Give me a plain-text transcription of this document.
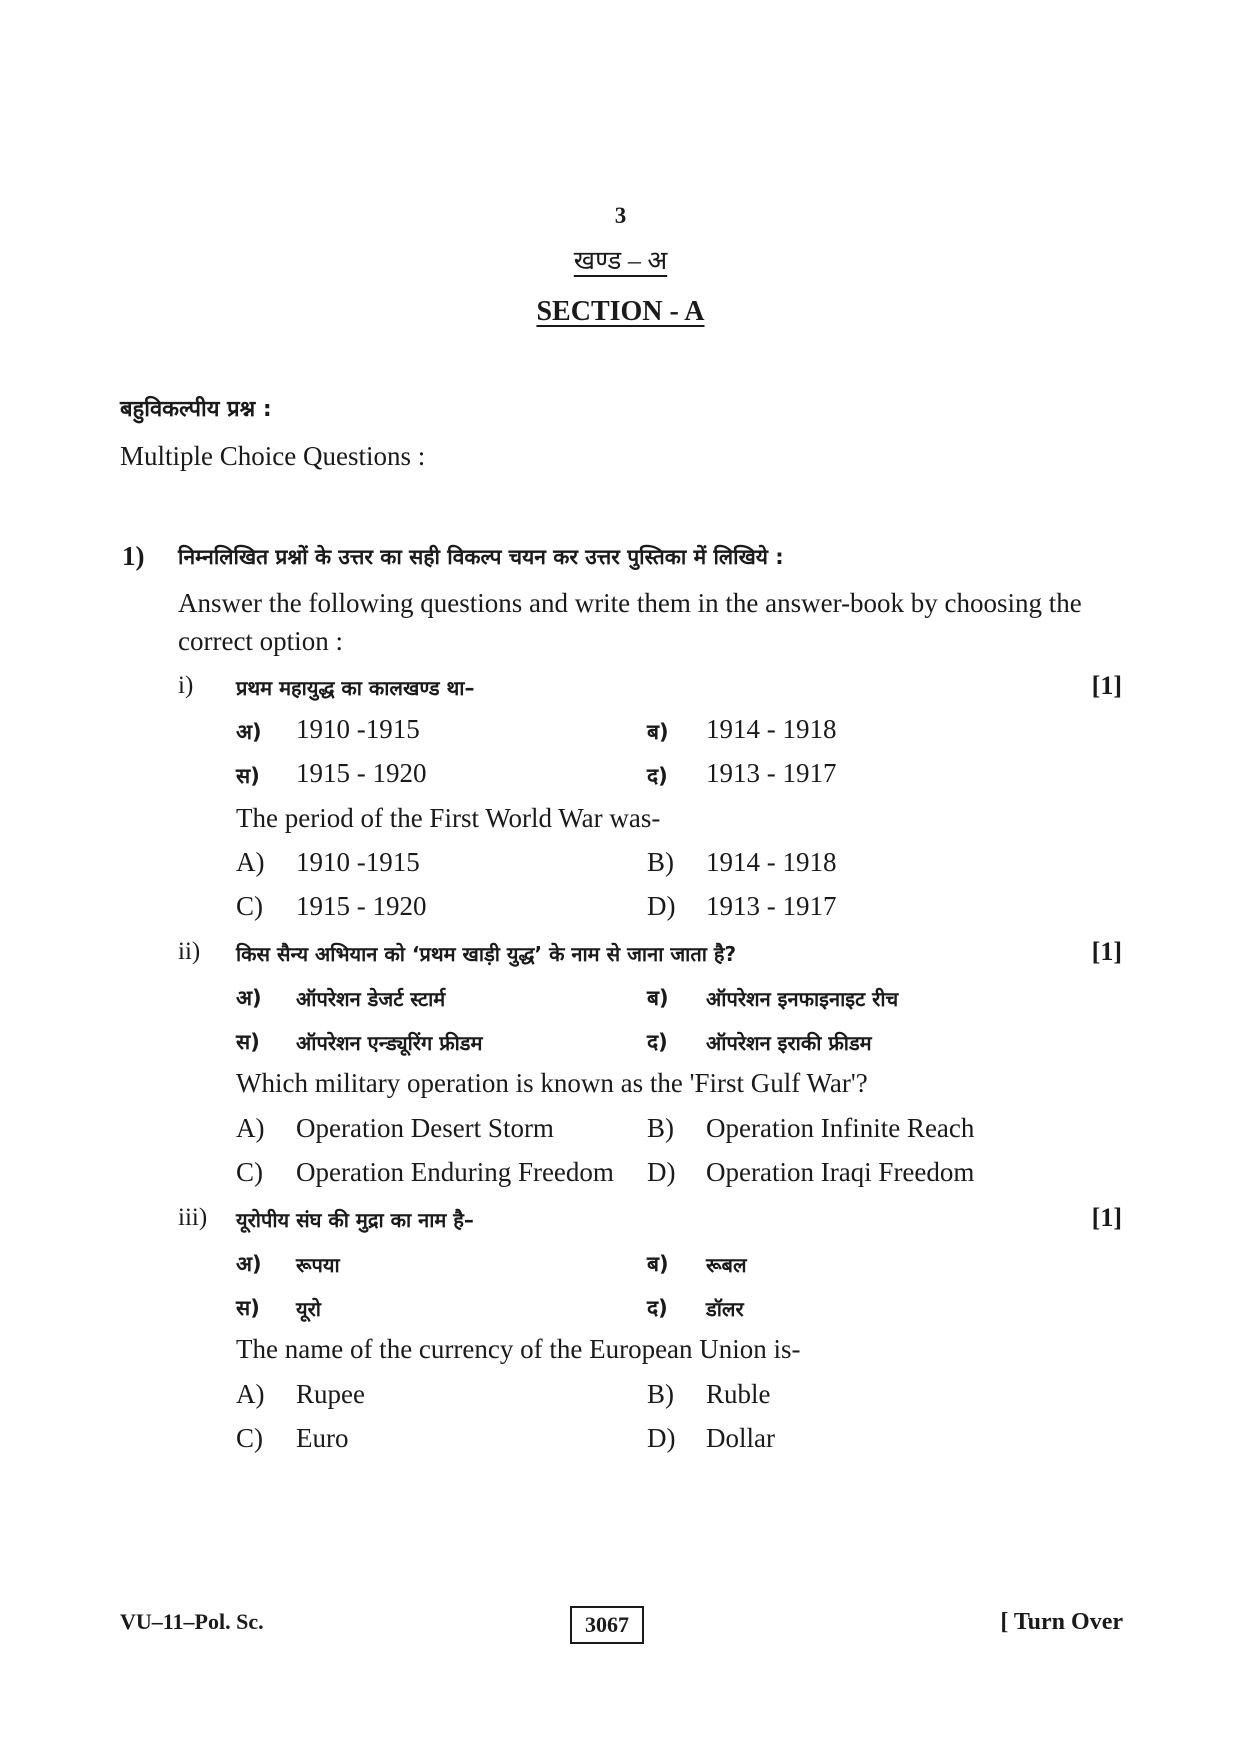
3
खण्ड – अ
SECTION - A
बहुविकल्पीय प्रश्न :
Multiple Choice Questions :
1) निम्नलिखित प्रश्नों के उत्तर का सही विकल्प चयन कर उत्तर पुस्तिका में लिखिये :
Answer the following questions and write them in the answer-book by choosing the correct option :
i) प्रथम महायुद्ध का कालखण्ड था–	[1]
अ) 1910 -1915	ब) 1914 - 1918
स) 1915 - 1920	द) 1913 - 1917
The period of the First World War was-
A) 1910 -1915	B) 1914 - 1918
C) 1915 - 1920	D) 1913 - 1917
ii) किस सैन्य अभियान को ‘प्रथम खाड़ी युद्ध’ के नाम से जाना जाता है?	[1]
अ) ऑपरेशन डेजर्ट स्टार्म	ब) ऑपरेशन इनफाइनाइट रीच
स) ऑपरेशन एन्ड्यूरिंग फ्रीडम	द) ऑपरेशन इराकी फ्रीडम
Which military operation is known as the 'First Gulf War'?
A) Operation Desert Storm	B) Operation Infinite Reach
C) Operation Enduring Freedom D) Operation Iraqi Freedom
iii) यूरोपीय संघ की मुद्रा का नाम है–	[1]
अ) रूपया	ब) रूबल
स) यूरो	द) डॉलर
The name of the currency of the European Union is-
A) Rupee	B) Ruble
C) Euro	D) Dollar
VU–11–Pol. Sc.	3067	[ Turn Over
